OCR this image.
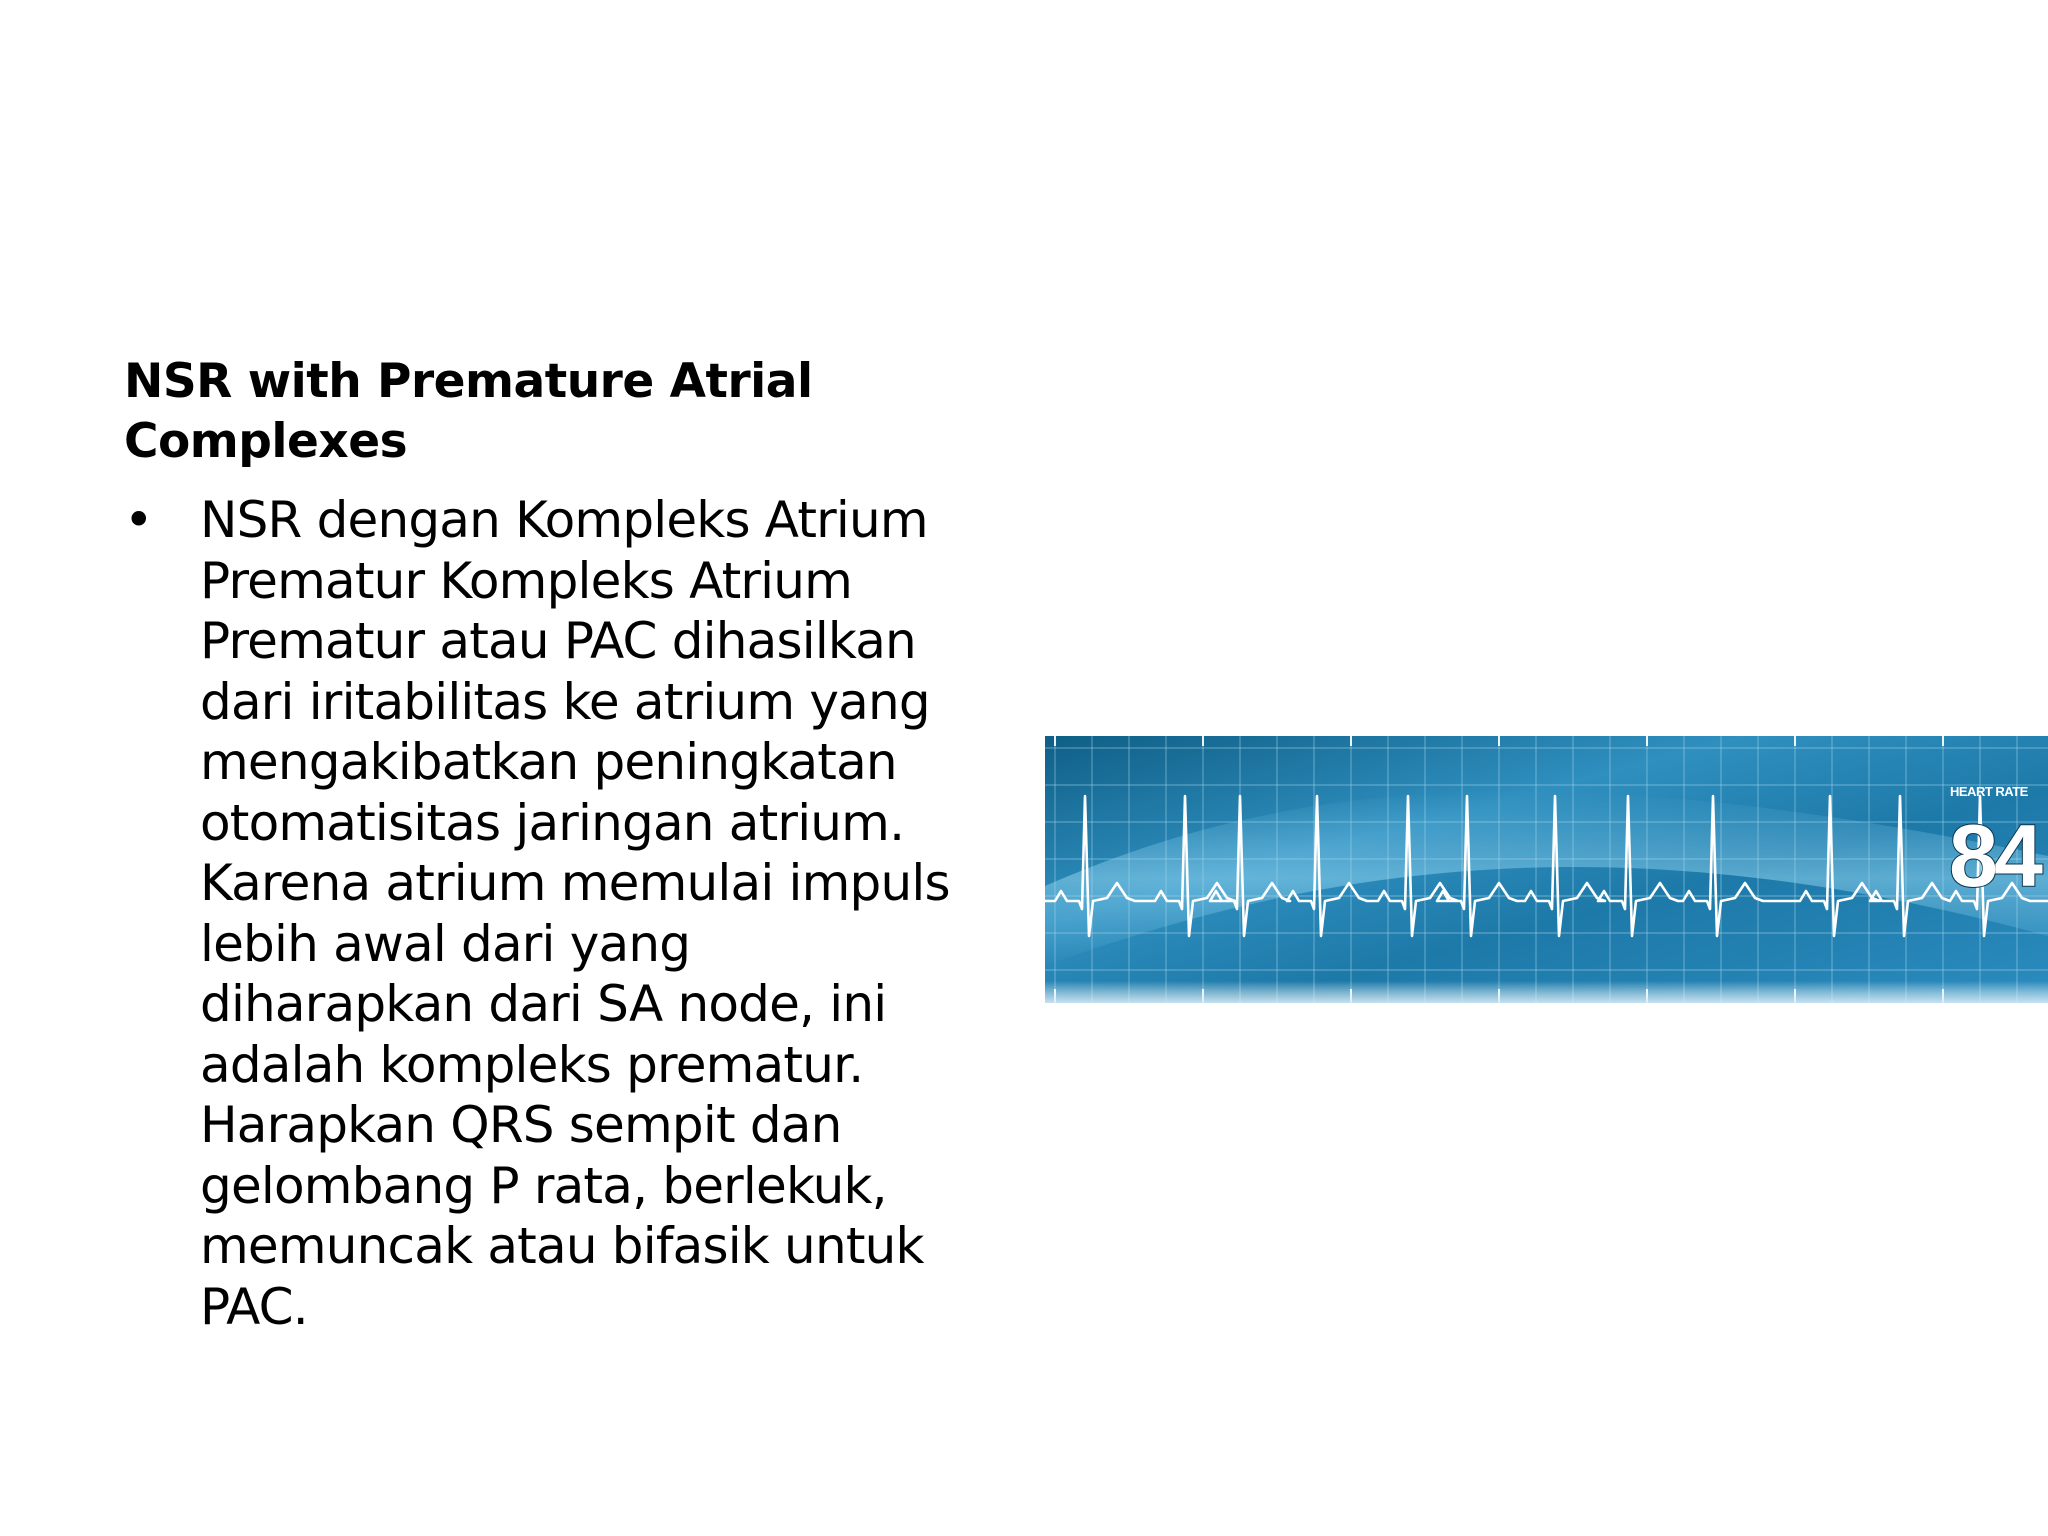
NSR with Premature Atrial
Complexes
• NSR dengan Kompleks Atrium
Prematur Kompleks Atrium
Prematur atau PAC dihasilkan
dari iritabilitas ke atrium yang
mengakibatkan peningkatan
otomatisitas jaringan atrium.
Karena atrium memulai impuls
lebih awal dari yang
diharapkan dari SA node, ini
adalah kompleks prematur.
Harapkan QRS sempit dan
gelombang P rata, berlekuk,
memuncak atau bifasik untuk
PAC.
HEART RATE
84
